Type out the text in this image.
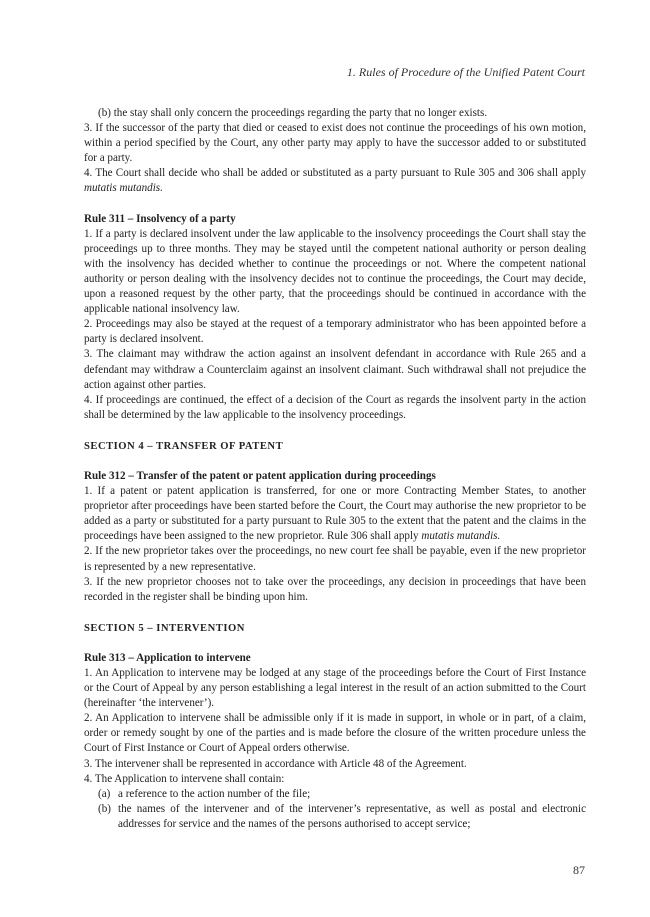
1. Rules of Procedure of the Unified Patent Court

(b) the stay shall only concern the proceedings regarding the party that no longer exists.

3. If the successor of the party that died or ceased to exist does not continue the proceedings of his own motion, within a period specified by the Court, any other party may apply to have the successor added to or substituted for a party.

4. The Court shall decide who shall be added or substituted as a party pursuant to Rule 305 and 306 shall apply mutatis mutandis.

Rule 311 – Insolvency of a party

1. If a party is declared insolvent under the law applicable to the insolvency proceedings the Court shall stay the proceedings up to three months. They may be stayed until the competent national authority or person dealing with the insolvency has decided whether to continue the proceedings or not. Where the competent national authority or person dealing with the insolvency decides not to continue the proceedings, the Court may decide, upon a reasoned request by the other party, that the proceedings should be continued in accordance with the applicable national insolvency law.

2. Proceedings may also be stayed at the request of a temporary administrator who has been appointed before a party is declared insolvent.

3. The claimant may withdraw the action against an insolvent defendant in accordance with Rule 265 and a defendant may withdraw a Counterclaim against an insolvent claimant. Such withdrawal shall not prejudice the action against other parties.

4. If proceedings are continued, the effect of a decision of the Court as regards the insolvent party in the action shall be determined by the law applicable to the insolvency proceedings.

SECTION 4 – TRANSFER OF PATENT

Rule 312 – Transfer of the patent or patent application during proceedings

1. If a patent or patent application is transferred, for one or more Contracting Member States, to another proprietor after proceedings have been started before the Court, the Court may authorise the new proprietor to be added as a party or substituted for a party pursuant to Rule 305 to the extent that the patent and the claims in the proceedings have been assigned to the new proprietor. Rule 306 shall apply mutatis mutandis.

2. If the new proprietor takes over the proceedings, no new court fee shall be payable, even if the new proprietor is represented by a new representative.

3. If the new proprietor chooses not to take over the proceedings, any decision in proceedings that have been recorded in the register shall be binding upon him.

SECTION 5 – INTERVENTION

Rule 313 – Application to intervene

1. An Application to intervene may be lodged at any stage of the proceedings before the Court of First Instance or the Court of Appeal by any person establishing a legal interest in the result of an action submitted to the Court (hereinafter ‘the intervener’).

2. An Application to intervene shall be admissible only if it is made in support, in whole or in part, of a claim, order or remedy sought by one of the parties and is made before the closure of the written procedure unless the Court of First Instance or Court of Appeal orders otherwise.

3. The intervener shall be represented in accordance with Article 48 of the Agreement.

4. The Application to intervene shall contain:

(a) a reference to the action number of the file;
(b) the names of the intervener and of the intervener’s representative, as well as postal and electronic addresses for service and the names of the persons authorised to accept service;
87
